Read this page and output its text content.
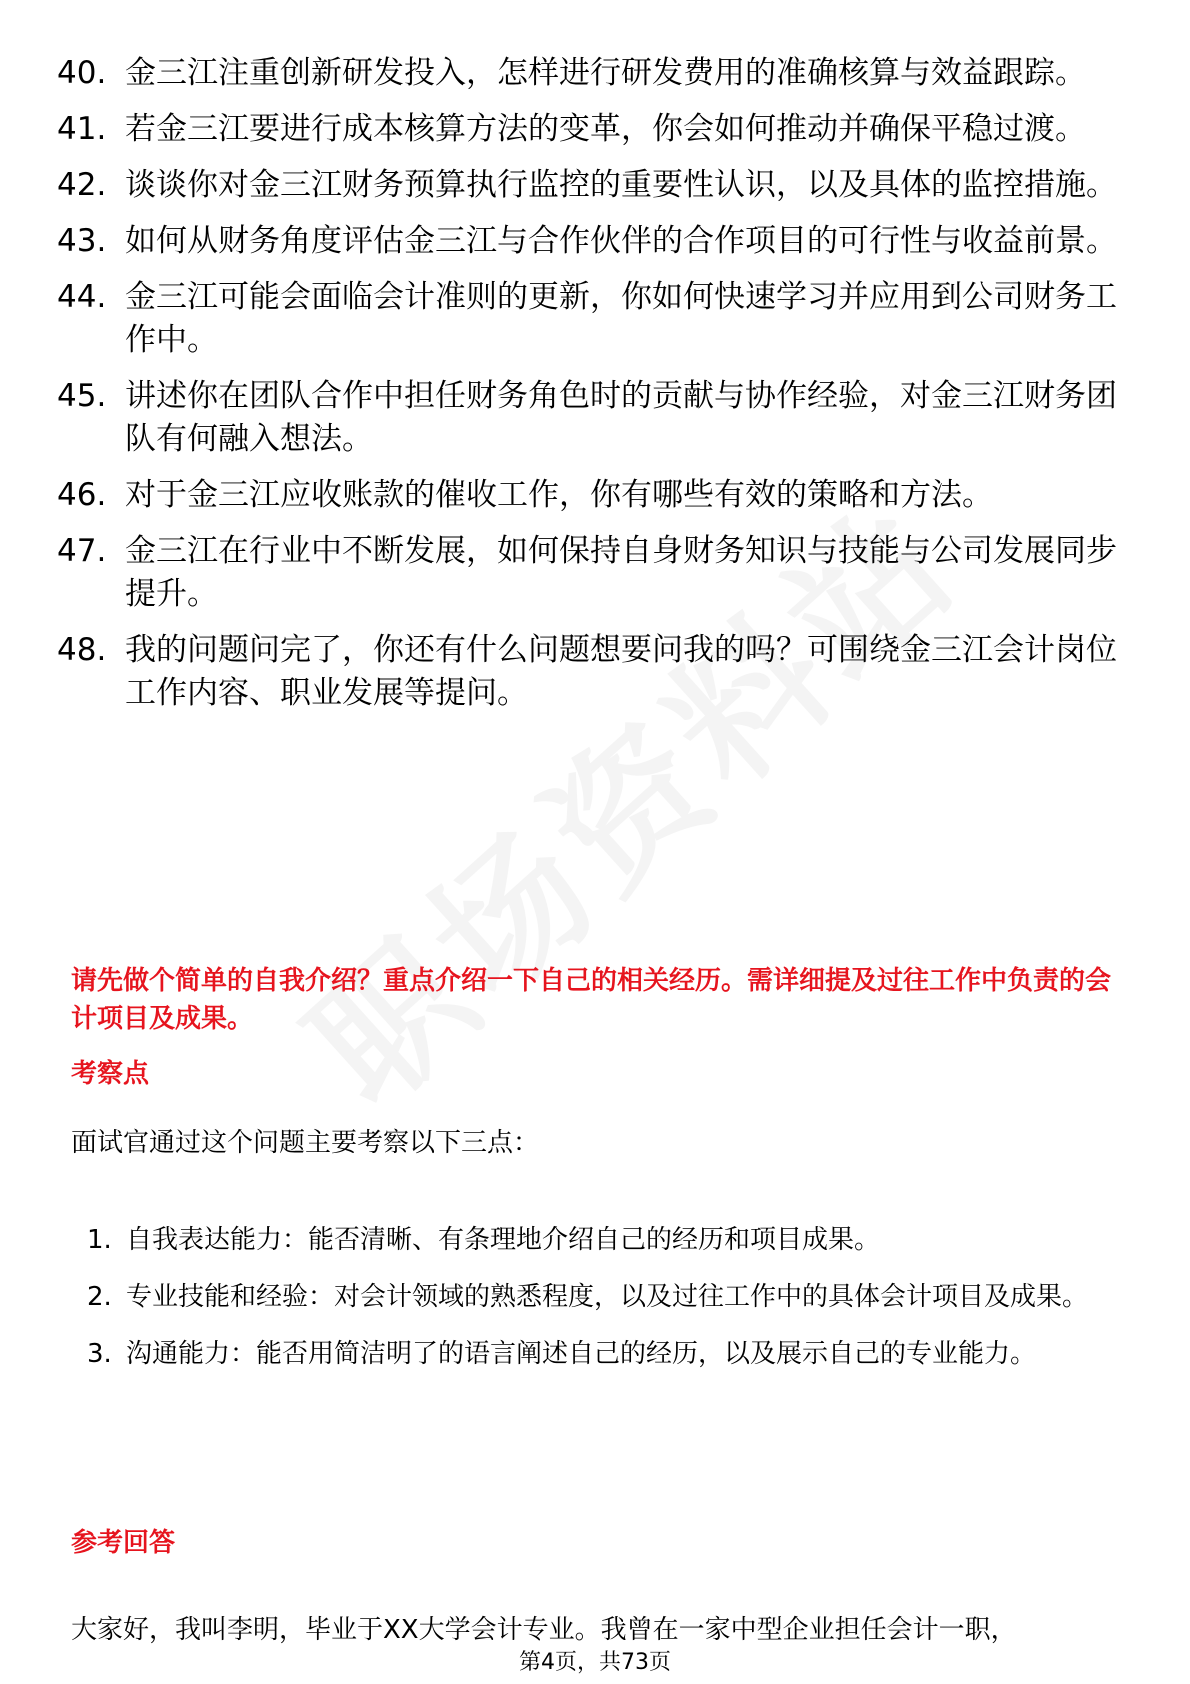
40. 金三江注重创新研发投入，怎样进行研发费用的准确核算与效益跟踪。
41. 若金三江要进行成本核算方法的变革，你会如何推动并确保平稳过渡。
42. 谈谈你对金三江财务预算执行监控的重要性认识，以及具体的监控措施。
43. 如何从财务角度评估金三江与合作伙伴的合作项目的可行性与收益前景。
44. 金三江可能会面临会计准则的更新，你如何快速学习并应用到公司财务工作中。
45. 讲述你在团队合作中担任财务角色时的贡献与协作经验，对金三江财务团队有何融入想法。
46. 对于金三江应收账款的催收工作，你有哪些有效的策略和方法。
47. 金三江在行业中不断发展，如何保持自身财务知识与技能与公司发展同步提升。
48. 我的问题问完了，你还有什么问题想要问我的吗？可围绕金三江会计岗位工作内容、职业发展等提问。
请先做个简单的自我介绍？重点介绍一下自己的相关经历。需详细提及过往工作中负责的会计项目及成果。
考察点
面试官通过这个问题主要考察以下三点：
1. 自我表达能力：能否清晰、有条理地介绍自己的经历和项目成果。
2. 专业技能和经验：对会计领域的熟悉程度，以及过往工作中的具体会计项目及成果。
3. 沟通能力：能否用简洁明了的语言阐述自己的经历，以及展示自己的专业能力。
参考回答
大家好，我叫李明，毕业于XX大学会计专业。我曾在一家中型企业担任会计一职，
第4页，共73页
